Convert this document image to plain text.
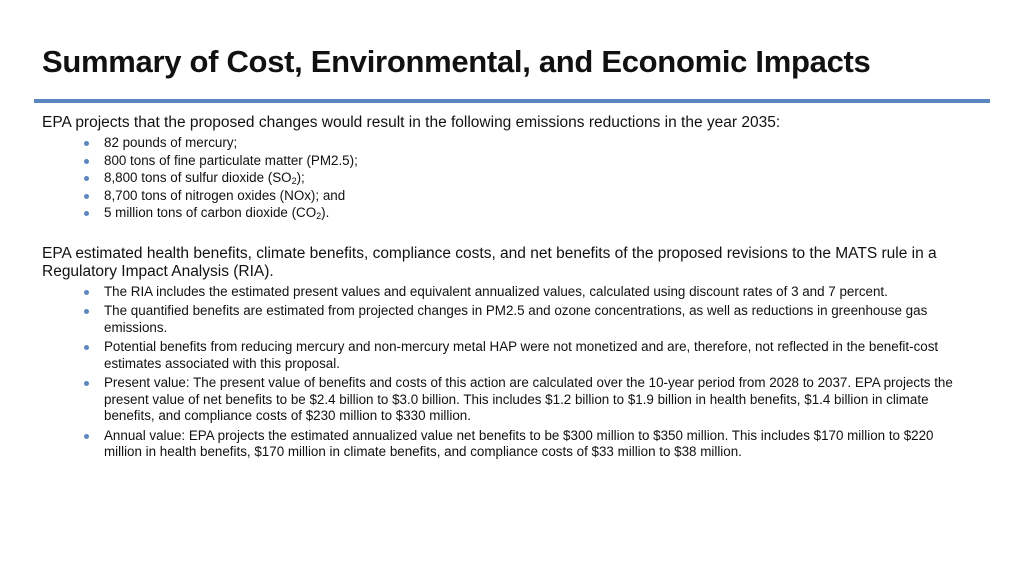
Summary of Cost, Environmental, and Economic Impacts

EPA projects that the proposed changes would result in the following emissions reductions in the year 2035:

82 pounds of mercury;
800 tons of fine particulate matter (PM2.5);
8,800 tons of sulfur dioxide $(SO_2)$;
8,700 tons of nitrogen oxides (NOx); and
5 million tons of carbon dioxide $(CO_2)$.

EPA estimated health benefits, climate benefits, compliance costs, and net benefits of the proposed revisions to the MATS rule in a Regulatory Impact Analysis (RIA).

The RIA includes the estimated present values and equivalent annualized values, calculated using discount rates of 3 and 7 percent.
The quantified benefits are estimated from projected changes in PM2.5 and ozone concentrations, as well as reductions in greenhouse gas emissions.
Potential benefits from reducing mercury and non-mercury metal HAP were not monetized and are, therefore, not reflected in the benefit-cost estimates associated with this proposal.
Present value: The present value of benefits and costs of this action are calculated over the 10-year period from 2028 to 2037. EPA projects the present value of net benefits to be $2.4 billion to $3.0 billion. This includes $1.2 billion to $1.9 billion in health benefits, $1.4 billion in climate benefits, and compliance costs of $230 million to $330 million.
Annual value: EPA projects the estimated annualized value net benefits to be $300 million to $350 million. This includes $170 million to $220 million in health benefits, $170 million in climate benefits, and compliance costs of $33 million to $38 million.
